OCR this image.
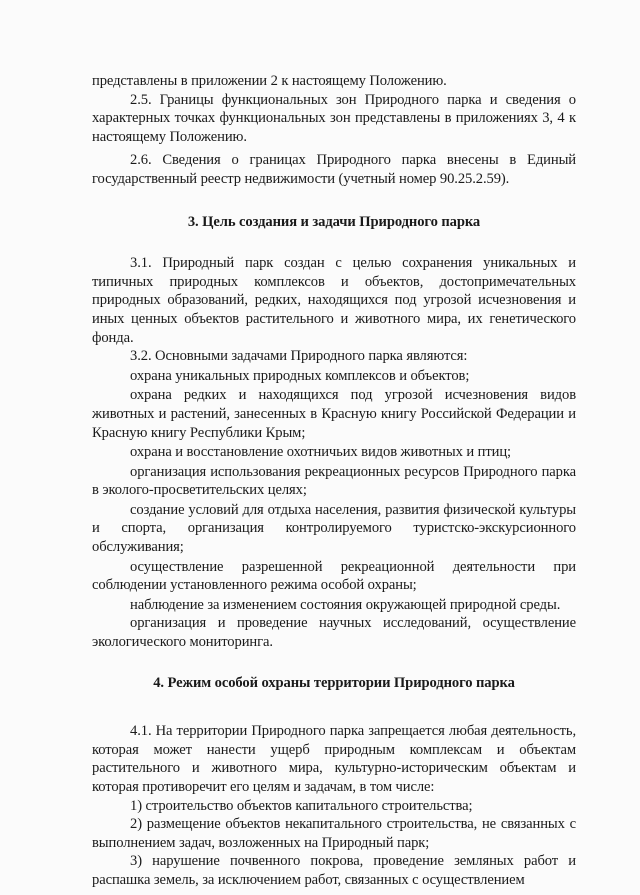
представлены в приложении 2 к настоящему Положению.

2.5. Границы функциональных зон Природного парка и сведения о характерных точках функциональных зон представлены в приложениях 3, 4 к настоящему Положению.

2.6. Сведения о границах Природного парка внесены в Единый государственный реестр недвижимости (учетный номер 90.25.2.59).

3. Цель создания и задачи Природного парка

3.1. Природный парк создан с целью сохранения уникальных и типичных природных комплексов и объектов, достопримечательных природных образований, редких, находящихся под угрозой исчезновения и иных ценных объектов растительного и животного мира, их генетического фонда.

3.2. Основными задачами Природного парка являются:

охрана уникальных природных комплексов и объектов;

охрана редких и находящихся под угрозой исчезновения видов животных и растений, занесенных в Красную книгу Российской Федерации и Красную книгу Республики Крым;

охрана и восстановление охотничьих видов животных и птиц;

организация использования рекреационных ресурсов Природного парка в эколого-просветительских целях;

создание условий для отдыха населения, развития физической культуры и спорта, организация контролируемого туристско-экскурсионного обслуживания;

осуществление разрешенной рекреационной деятельности при соблюдении установленного режима особой охраны;

наблюдение за изменением состояния окружающей природной среды.

организация и проведение научных исследований, осуществление экологического мониторинга.

4. Режим особой охраны территории Природного парка

4.1. На территории Природного парка запрещается любая деятельность, которая может нанести ущерб природным комплексам и объектам растительного и животного мира, культурно-историческим объектам и которая противоречит его целям и задачам, в том числе:

1) строительство объектов капитального строительства;

2) размещение объектов некапитального строительства, не связанных с выполнением задач, возложенных на Природный парк;

3) нарушение почвенного покрова, проведение земляных работ и распашка земель, за исключением работ, связанных с осуществлением
